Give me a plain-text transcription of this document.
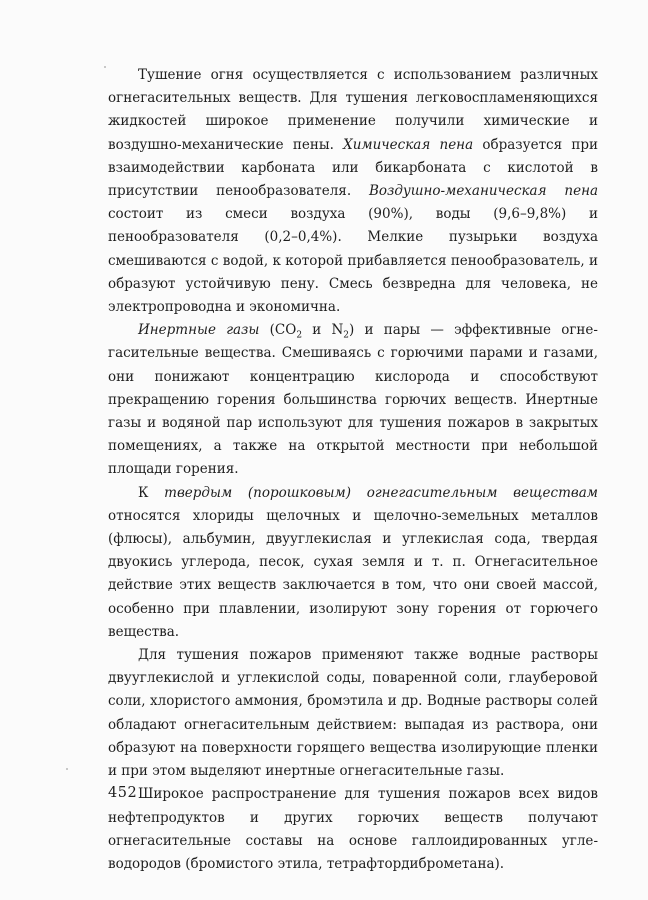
Тушение огня осуществляется с использованием различных огнегасительных веществ. Для тушения легковоспламеняющихся жидкостей широкое применение получили химические и воздушно-механические пены. Химическая пена образуется при взаимодействии карбоната или бикарбоната с кислотой в присутствии пенообразователя. Воздушно-механическая пена состоит из смеси воздуха (90%), воды (9,6–9,8%) и пенообразователя (0,2–0,4%). Мелкие пузырьки воздуха смешиваются с водой, к которой прибавляется пенообразователь, и образуют устойчивую пену. Смесь безвредна для человека, не электропроводна и экономична.

Инертные газы ($CO_2$ и $N_2$) и пары — эффективные огнегасительные вещества. Смешиваясь с горючими парами и газами, они понижают концентрацию кислорода и способствуют прекращению горения большинства горючих веществ. Инертные газы и водяной пар используют для тушения пожаров в закрытых помещениях, а также на открытой местности при небольшой площади горения.

К твердым (порошковым) огнегасительным веществам относятся хлориды щелочных и щелочно-земельных металлов (флюсы), альбумин, двууглекислая и углекислая сода, твердая двуокись углерода, песок, сухая земля и т. п. Огнегасительное действие этих веществ заключается в том, что они своей массой, особенно при плавлении, изолируют зону горения от горючего вещества.

Для тушения пожаров применяют также водные растворы двууглекислой и углекислой соды, поваренной соли, глауберовой соли, хлористого аммония, бромэтила и др. Водные растворы солей обладают огнегасительным действием: выпадая из раствора, они образуют на поверхности горящего вещества изолирующие пленки и при этом выделяют инертные огнегасительные газы.

Широкое распространение для тушения пожаров всех видов нефтепродуктов и других горючих веществ получают огнегасительные составы на основе галлоидированных углеводородов (бромистого этила, тетрафтордиброметана).

452
